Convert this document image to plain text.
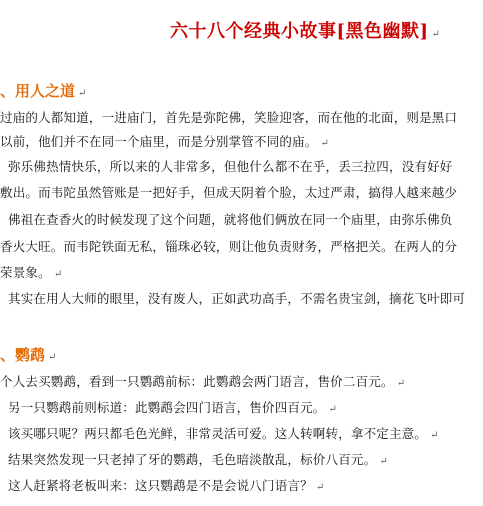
六十八个经典小故事[黑色幽默] ↵
、用人之道 ↵
过庙的人都知道，一进庙门，首先是弥陀佛，笑脸迎客，而在他的北面，则是黑口
以前，他们并不在同一个庙里，而是分别掌管不同的庙。 ↵
弥乐佛热情快乐，所以来的人非常多，但他什么都不在乎，丢三拉四，没有好好
敷出。而韦陀虽然管账是一把好手，但成天阴着个脸，太过严肃，搞得人越来越少
佛祖在查香火的时候发现了这个问题，就将他们俩放在同一个庙里，由弥乐佛负
香火大旺。而韦陀铁面无私，锱珠必较，则让他负责财务，严格把关。在两人的分
荣景象。 ↵
其实在用人大师的眼里，没有废人，正如武功高手，不需名贵宝剑，摘花飞叶即可
、鹦鹉 ↵
个人去买鹦鹉，看到一只鹦鹉前标：此鹦鹉会两门语言，售价二百元。 ↵
另一只鹦鹉前则标道：此鹦鹉会四门语言，售价四百元。 ↵
该买哪只呢？两只都毛色光鲜，非常灵活可爱。这人转啊转，拿不定主意。 ↵
结果突然发现一只老掉了牙的鹦鹉，毛色暗淡散乱，标价八百元。 ↵
这人赶紧将老板叫来：这只鹦鹉是不是会说八门语言？ ↵
